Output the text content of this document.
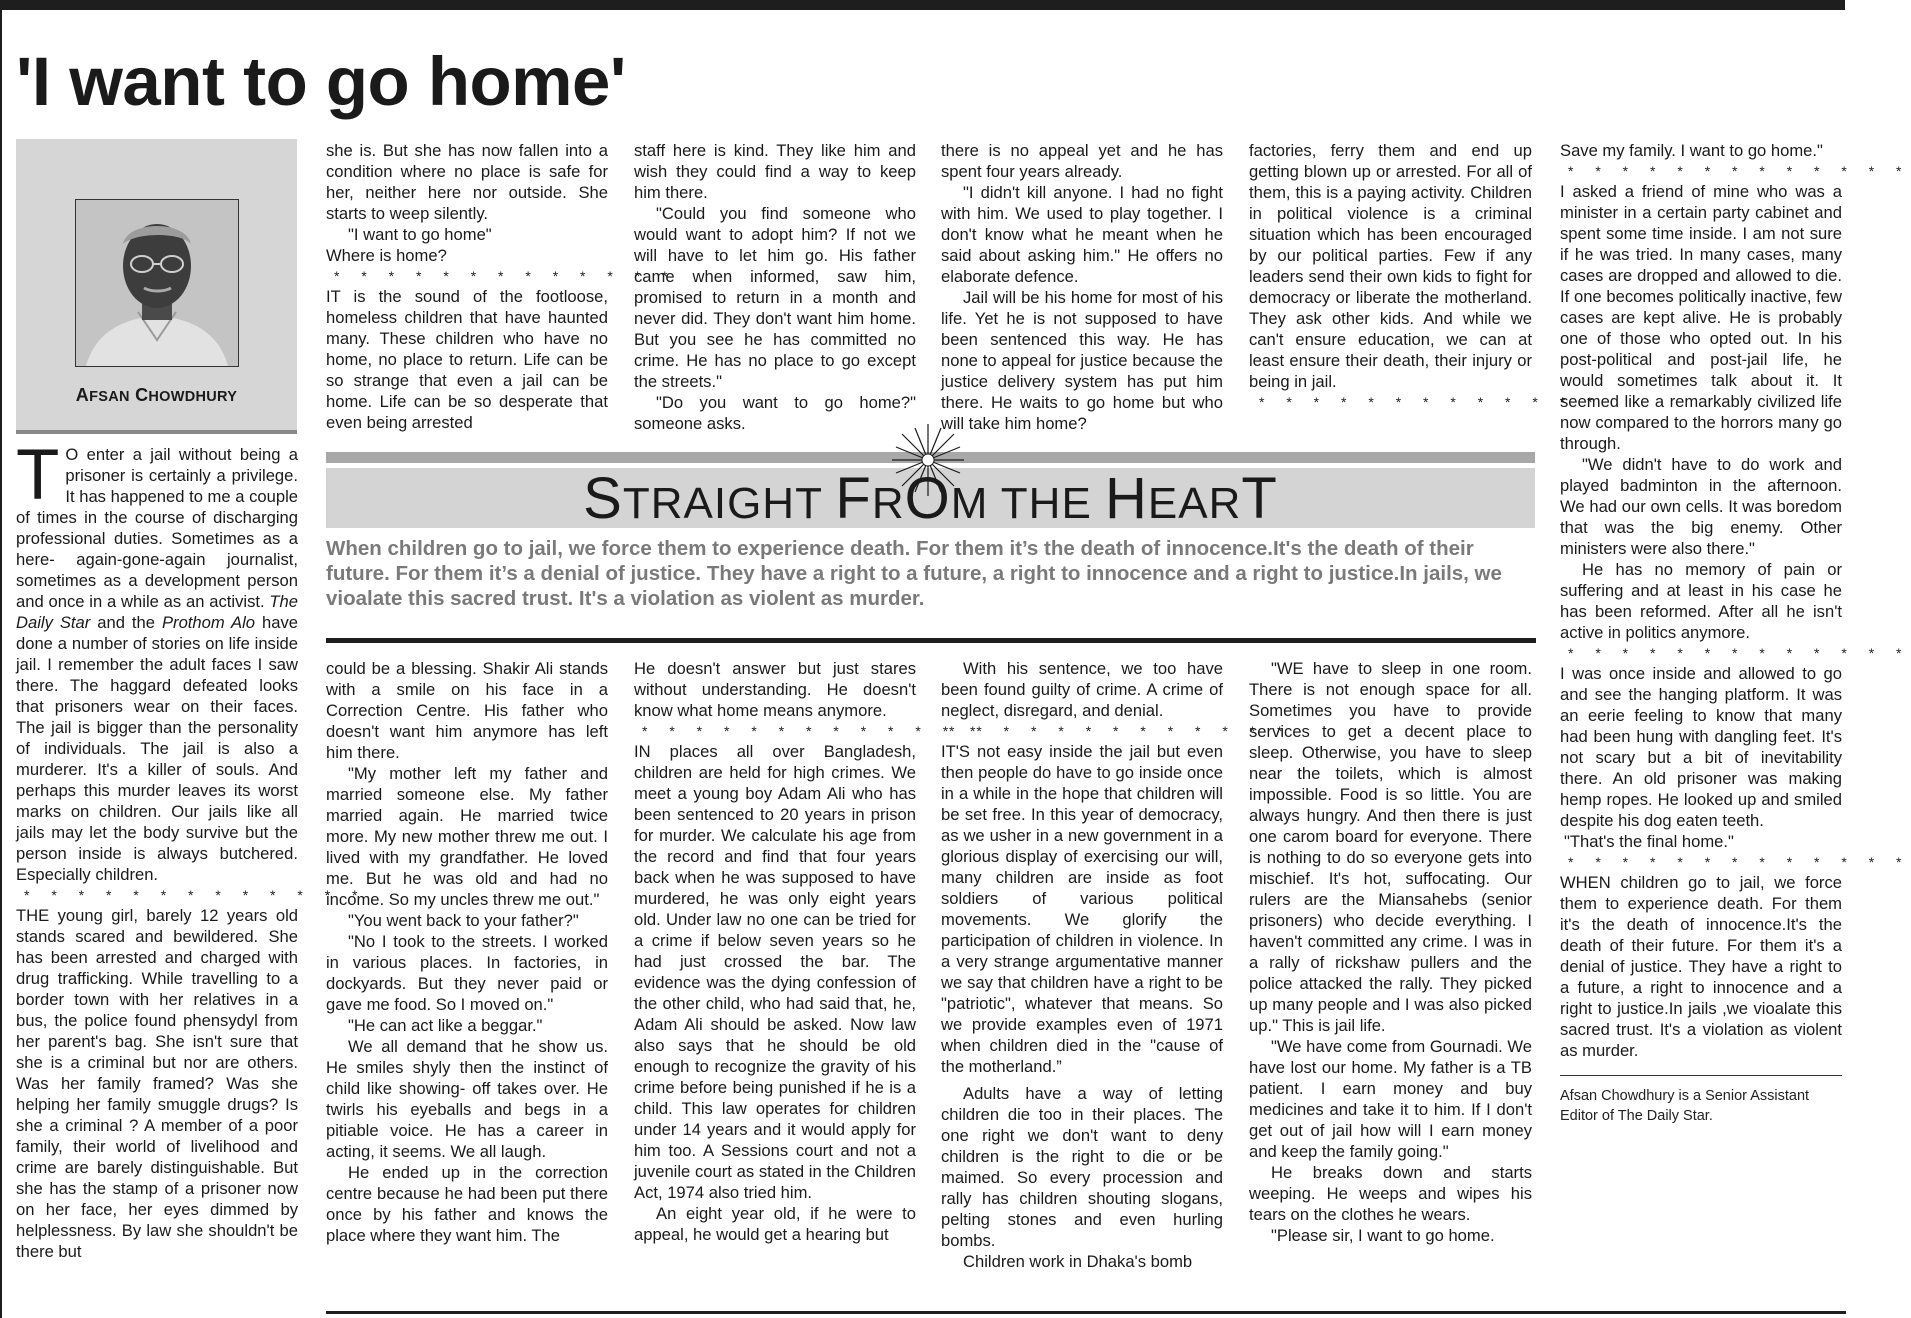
'I want to go home'
AFSAN CHOWDHURY

T O enter a jail without being a prisoner is certainly a privilege. It has happened to me a couple of times in the course of discharging professional duties. Sometimes as a here- again-gone-again journalist, sometimes as a development person and once in a while as an activist. The Daily Star and the Prothom Alo have done a number of stories on life inside jail. I remember the adult faces I saw there. The haggard defeated looks that prisoners wear on their faces. The jail is bigger than the personality of individuals. The jail is also a murderer. It's a killer of souls. And perhaps this murder leaves its worst marks on children. Our jails like all jails may let the body survive but the person inside is always butchered. Especially children.

* * * * * * * * * * * * *

THE young girl, barely 12 years old stands scared and bewildered. She has been arrested and charged with drug trafficking. While travelling to a border town with her relatives in a bus, the police found phensydyl from her parent's bag. She isn't sure that she is a criminal but nor are others. Was her family framed? Was she helping her family smuggle drugs? Is she a criminal ? A member of a poor family, their world of livelihood and crime are barely distinguishable. But she has the stamp of a prisoner now on her face, her eyes dimmed by helplessness. By law she shouldn't be there but

she is. But she has now fallen into a condition where no place is safe for her, neither here nor outside. She starts to weep silently.

"I want to go home"

Where is home?

* * * * * * * * * * * * *

IT is the sound of the footloose, homeless children that have haunted many. These children who have no home, no place to return. Life can be so strange that even a jail can be home. Life can be so desperate that even being arrested

staff here is kind. They like him and wish they could find a way to keep him there.

"Could you find someone who would want to adopt him? If not we will have to let him go. His father came when informed, saw him, promised to return in a month and never did. They don't want him home. But you see he has committed no crime. He has no place to go except the streets."

"Do you want to go home?" someone asks.

there is no appeal yet and he has spent four years already.

"I didn't kill anyone. I had no fight with him. We used to play together. I don't know what he meant when he said about asking him." He offers no elaborate defence.

Jail will be his home for most of his life. Yet he is not supposed to have been sentenced this way. He has none to appeal for justice because the justice delivery system has put him there. He waits to go home but who will take him home?

factories, ferry them and end up getting blown up or arrested. For all of them, this is a paying activity. Children in political violence is a criminal situation which has been encouraged by our political parties. Few if any leaders send their own kids to fight for democracy or liberate the motherland. They ask other kids. And while we can't ensure education, we can at least ensure their death, their injury or being in jail.

* * * * * * * * * * * * *
STRAIGHT FROM THE HEART
When children go to jail, we force them to experience death. For them it’s the death of innocence.It's the death of their future. For them it’s a denial of justice. They have a right to a future, a right to innocence and a right to justice.In jails, we vioalate this sacred trust. It's a violation as violent as murder.

could be a blessing. Shakir Ali stands with a smile on his face in a Correction Centre. His father who doesn't want him anymore has left him there.

"My mother left my father and married someone else. My father married again. He married twice more. My new mother threw me out. I lived with my grandfather. He loved me. But he was old and had no income. So my uncles threw me out."

"You went back to your father?"

"No I took to the streets. I worked in various places. In factories, in dockyards. But they never paid or gave me food. So I moved on."

"He can act like a beggar."

We all demand that he show us. He smiles shyly then the instinct of child like showing- off takes over. He twirls his eyeballs and begs in a pitiable voice. He has a career in acting, it seems. We all laugh.

He ended up in the correction centre because he had been put there once by his father and knows the place where they want him. The

He doesn't answer but just stares without understanding. He doesn't know what home means anymore.

* * * * * * * * * * * * *

IN places all over Bangladesh, children are held for high crimes. We meet a young boy Adam Ali who has been sentenced to 20 years in prison for murder. We calculate his age from the record and find that four years back when he was supposed to have murdered, he was only eight years old. Under law no one can be tried for a crime if below seven years so he had just crossed the bar. The evidence was the dying confession of the other child, who had said that, he, Adam Ali should be asked. Now law also says that he should be old enough to recognize the gravity of his crime before being punished if he is a child. This law operates for children under 14 years and it would apply for him too. A Sessions court and not a juvenile court as stated in the Children Act, 1974 also tried him.

An eight year old, if he were to appeal, he would get a hearing but

With his sentence, we too have been found guilty of crime. A crime of neglect, disregard, and denial.

* * * * * * * * * * * * *

IT'S not easy inside the jail but even then people do have to go inside once in a while in the hope that children will be set free. In this year of democracy, as we usher in a new government in a glorious display of exercising our will, many children are inside as foot soldiers of various political movements. We glorify the participation of children in violence. In a very strange argumentative manner we say that children have a right to be "patriotic", whatever that means. So we provide examples even of 1971 when children died in the "cause of the motherland.”

Adults have a way of letting children die too in their places. The one right we don't want to deny children is the right to die or be maimed. So every procession and rally has children shouting slogans, pelting stones and even hurling bombs.

Children work in Dhaka's bomb

"WE have to sleep in one room. There is not enough space for all. Sometimes you have to provide services to get a decent place to sleep. Otherwise, you have to sleep near the toilets, which is almost impossible. Food is so little. You are always hungry. And then there is just one carom board for everyone. There is nothing to do so everyone gets into mischief. It's hot, suffocating. Our rulers are the Miansahebs (senior prisoners) who decide everything. I haven't committed any crime. I was in a rally of rickshaw pullers and the police attacked the rally. They picked up many people and I was also picked up." This is jail life.

"We have come from Gournadi. We have lost our home. My father is a TB patient. I earn money and buy medicines and take it to him. If I don't get out of jail how will I earn money and keep the family going."

He breaks down and starts weeping. He weeps and wipes his tears on the clothes he wears.

"Please sir, I want to go home.

Save my family. I want to go home."

* * * * * * * * * * * * *

I asked a friend of mine who was a minister in a certain party cabinet and spent some time inside. I am not sure if he was tried. In many cases, many cases are dropped and allowed to die. If one becomes politically inactive, few cases are kept alive. He is probably one of those who opted out. In his post-political and post-jail life, he would sometimes talk about it. It seemed like a remarkably civilized life now compared to the horrors many go through.

"We didn't have to do work and played badminton in the afternoon. We had our own cells. It was boredom that was the big enemy. Other ministers were also there."

He has no memory of pain or suffering and at least in his case he has been reformed. After all he isn't active in politics anymore.

* * * * * * * * * * * * *

I was once inside and allowed to go and see the hanging platform. It was an eerie feeling to know that many had been hung with dangling feet. It's not scary but a bit of inevitability there. An old prisoner was making hemp ropes. He looked up and smiled despite his dog eaten teeth.

"That's the final home."

* * * * * * * * * * * * *

WHEN children go to jail, we force them to experience death. For them it's the death of innocence.It's the death of their future. For them it's a denial of justice. They have a right to a future, a right to innocence and a right to justice.In jails ,we vioalate this sacred trust. It's a violation as violent as murder.

Afsan Chowdhury is a Senior Assistant Editor of The Daily Star.
